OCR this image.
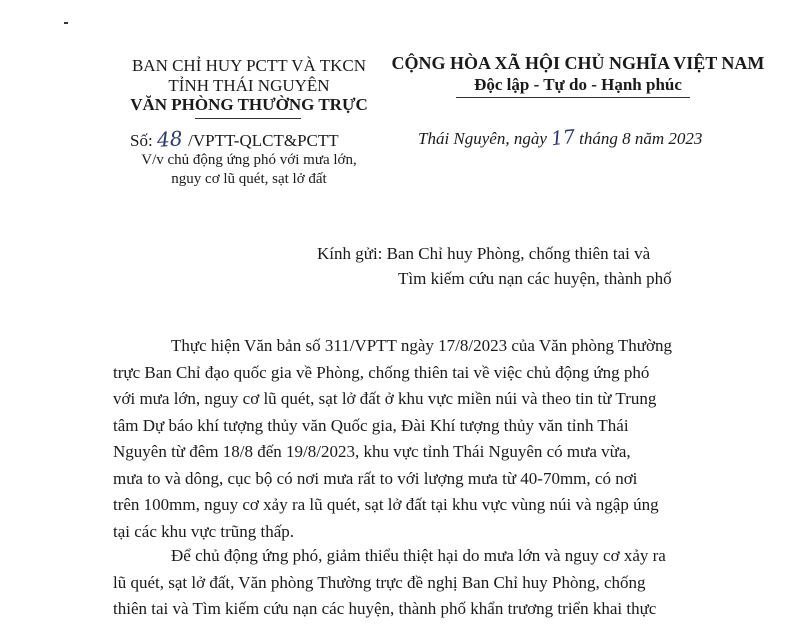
BAN CHỈ HUY PCTT VÀ TKCN
TỈNH THÁI NGUYÊN
VĂN PHÒNG THƯỜNG TRỰC
CỘNG HÒA XÃ HỘI CHỦ NGHĨA VIỆT NAM
Độc lập - Tự do - Hạnh phúc
Số: 48 /VPTT-QLCT&PCTT
V/v chủ động ứng phó với mưa lớn,
nguy cơ lũ quét, sạt lở đất
Thái Nguyên, ngày 17 tháng 8 năm 2023
Kính gửi: Ban Chỉ huy Phòng, chống thiên tai và
Tìm kiếm cứu nạn các huyện, thành phố

Thực hiện Văn bản số 311/VPTT ngày 17/8/2023 của Văn phòng Thường

trực Ban Chỉ đạo quốc gia về Phòng, chống thiên tai về việc chủ động ứng phó

với mưa lớn, nguy cơ lũ quét, sạt lở đất ở khu vực miền núi và theo tin từ Trung

tâm Dự báo khí tượng thủy văn Quốc gia, Đài Khí tượng thủy văn tỉnh Thái

Nguyên từ đêm 18/8 đến 19/8/2023, khu vực tỉnh Thái Nguyên có mưa vừa,

mưa to và dông, cục bộ có nơi mưa rất to với lượng mưa từ 40-70mm, có nơi

trên 100mm, nguy cơ xảy ra lũ quét, sạt lở đất tại khu vực vùng núi và ngập úng

tại các khu vực trũng thấp.

Để chủ động ứng phó, giảm thiểu thiệt hại do mưa lớn và nguy cơ xảy ra

lũ quét, sạt lở đất, Văn phòng Thường trực đề nghị Ban Chỉ huy Phòng, chống

thiên tai và Tìm kiếm cứu nạn các huyện, thành phố khẩn trương triển khai thực
